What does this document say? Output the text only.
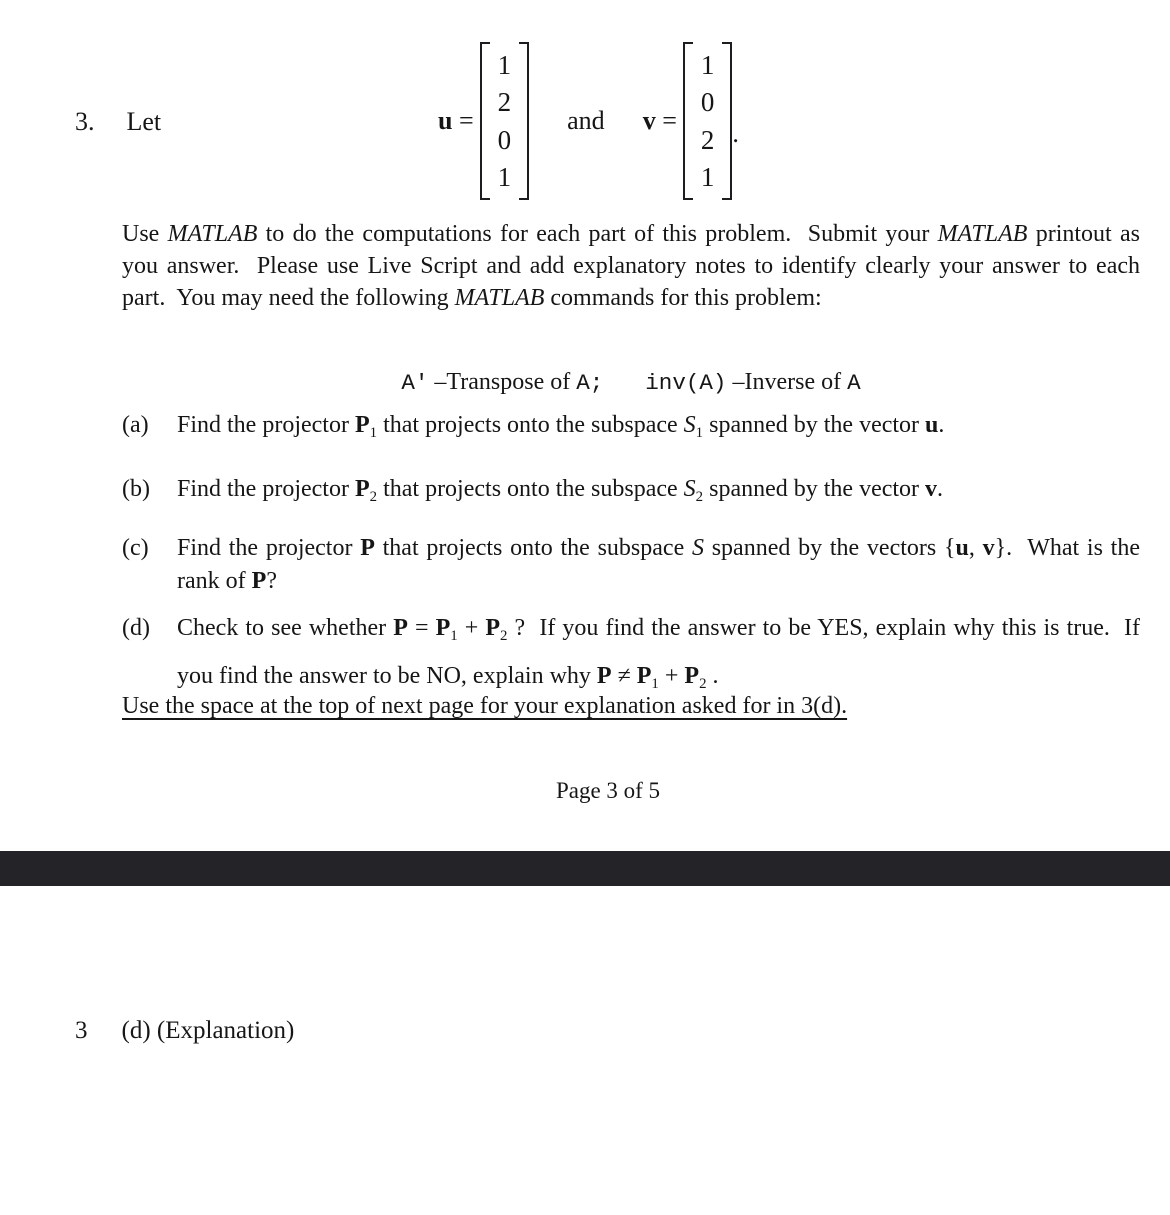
3. Let	u =
1
2
0
1
and v =
1
0
2
1
.

Use MATLAB to do the computations for each part of this problem.  Submit your MATLAB printout as you answer.  Please use Live Script and add explanatory notes to identify clearly your answer to each part.  You may need the following MATLAB commands for this problem:

A' –Transpose of A; inv(A) –Inverse of A

(a)	Find the projector P1 that projects onto the subspace S1 spanned by the vector u.
(b)	Find the projector P2 that projects onto the subspace S2 spanned by the vector v.
(c)	Find the projector P that projects onto the subspace S spanned by the vectors {u, v}.  What is the rank of P?
(d)	Check to see whether P = P1 + P2 ?  If you find the answer to be YES, explain why this is true.  If you find the answer to be NO, explain why P ≠ P1 + P2 .

Use the space at the top of next page for your explanation asked for in 3(d).

Page 3 of 5
3 (d) (Explanation)
